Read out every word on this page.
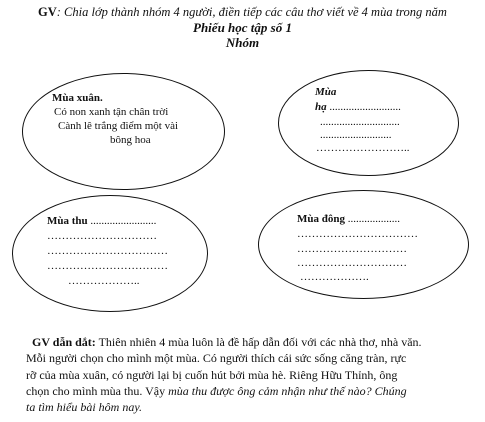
GV: Chia lớp thành nhóm 4 người, điền tiếp các câu thơ viết về 4 mùa trong năm
Phiếu học tập số 1
Nhóm
Mùa xuân.
Có non xanh tận chân trời
Cành lê trắng điểm một vài
bông hoa
Mùa
hạ ..........................
.............................
..........................
……………………..
Mùa thu ........................
…………………………
……………………………
……………………………
………………..
Mùa đông ...................
……………………………
…………………………
…………………………
……………….
GV dẫn dắt: Thiên nhiên 4 mùa luôn là đề hấp dẫn đối với các nhà thơ, nhà văn.
Mỗi người chọn cho mình một mùa. Có người thích cái sức sống căng tràn, rực
rỡ của mùa xuân, có người lại bị cuốn hút bởi mùa hè. Riêng Hữu Thỉnh, ông
chọn cho mình mùa thu. Vậy mùa thu được ông cảm nhận như thế nào? Chúng
ta tìm hiểu bài hôm nay.
